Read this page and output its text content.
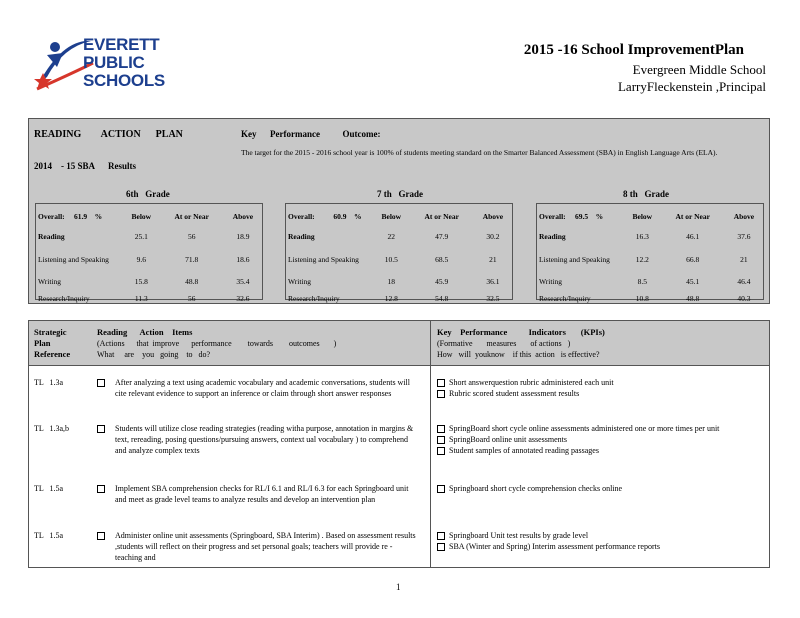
EVERETT
PUBLIC
SCHOOLS
2015 -16 School ImprovementPlan
Evergreen Middle School
LarryFleckenstein ,Principal
READING        ACTION      PLAN
2014    - 15 SBA      Results
Key      Performance          Outcome:
The target for the 2015 - 2016 school year is 100% of students meeting standard on the Smarter Balanced Assessment (SBA) in English Language Arts (ELA).
6th   Grade	7 th   Grade	8 th   Grade
Overall:     61.9    %	Below	At or Near	Above
Reading	25.1	56	18.9
Listening and Speaking	9.6	71.8	18.6
Writing	15.8	48.8	35.4
Research/Inquiry	11.3	56	32.6
Overall:          60.9    %	Below	At or Near	Above
Reading	22	47.9	30.2
Listening and Speaking	10.5	68.5	21
Writing	18	45.9	36.1
Research/Inquiry	12.8	54.8	32.5
Overall:     69.5    %	Below	At or Near	Above
Reading	16.3	46.1	37.6
Listening and Speaking	12.2	66.8	21
Writing	8.5	45.1	46.4
Research/Inquiry	10.8	48.8	40.3
Strategic Plan Reference
Reading      Action    Items
(Actions      that  improve      performance        towards        outcomes       )
What     are    you   going    to   do?
Key    Performance          Indicators       (KPIs)
(Formative       measures       of actions   )
How   will  youknow    if this  action   is effective?
TL   1.3a	After analyzing a text using academic vocabulary and academic conversations, students will cite relevant evidence to support an inference or claim through short answer responses
Short answerquestion rubric administered each unit
Rubric scored student assessment results
TL   1.3a,b	Students will utilize close reading strategies (reading witha purpose, annotation in margins & text, rereading, posing questions/pursuing answers, context ual vocabulary ) to comprehend and analyze complex texts
SpringBoard short cycle online assessments administered one or more times per unit
SpringBoard online unit assessments
Student samples of annotated reading passages
TL   1.5a	Implement SBA comprehension checks for RL/I 6.1 and RL/I 6.3 for each Springboard unit and meet as grade level teams to analyze results and develop an intervention plan
Springboard short cycle comprehension checks online
TL   1.5a	Administer online unit assessments (Springboard, SBA Interim) . Based on assessment results ,students will reflect on their progress and set personal goals; teachers will provide re - teaching and
Springboard Unit test results by grade level
SBA (Winter and Spring) Interim assessment performance reports
1
